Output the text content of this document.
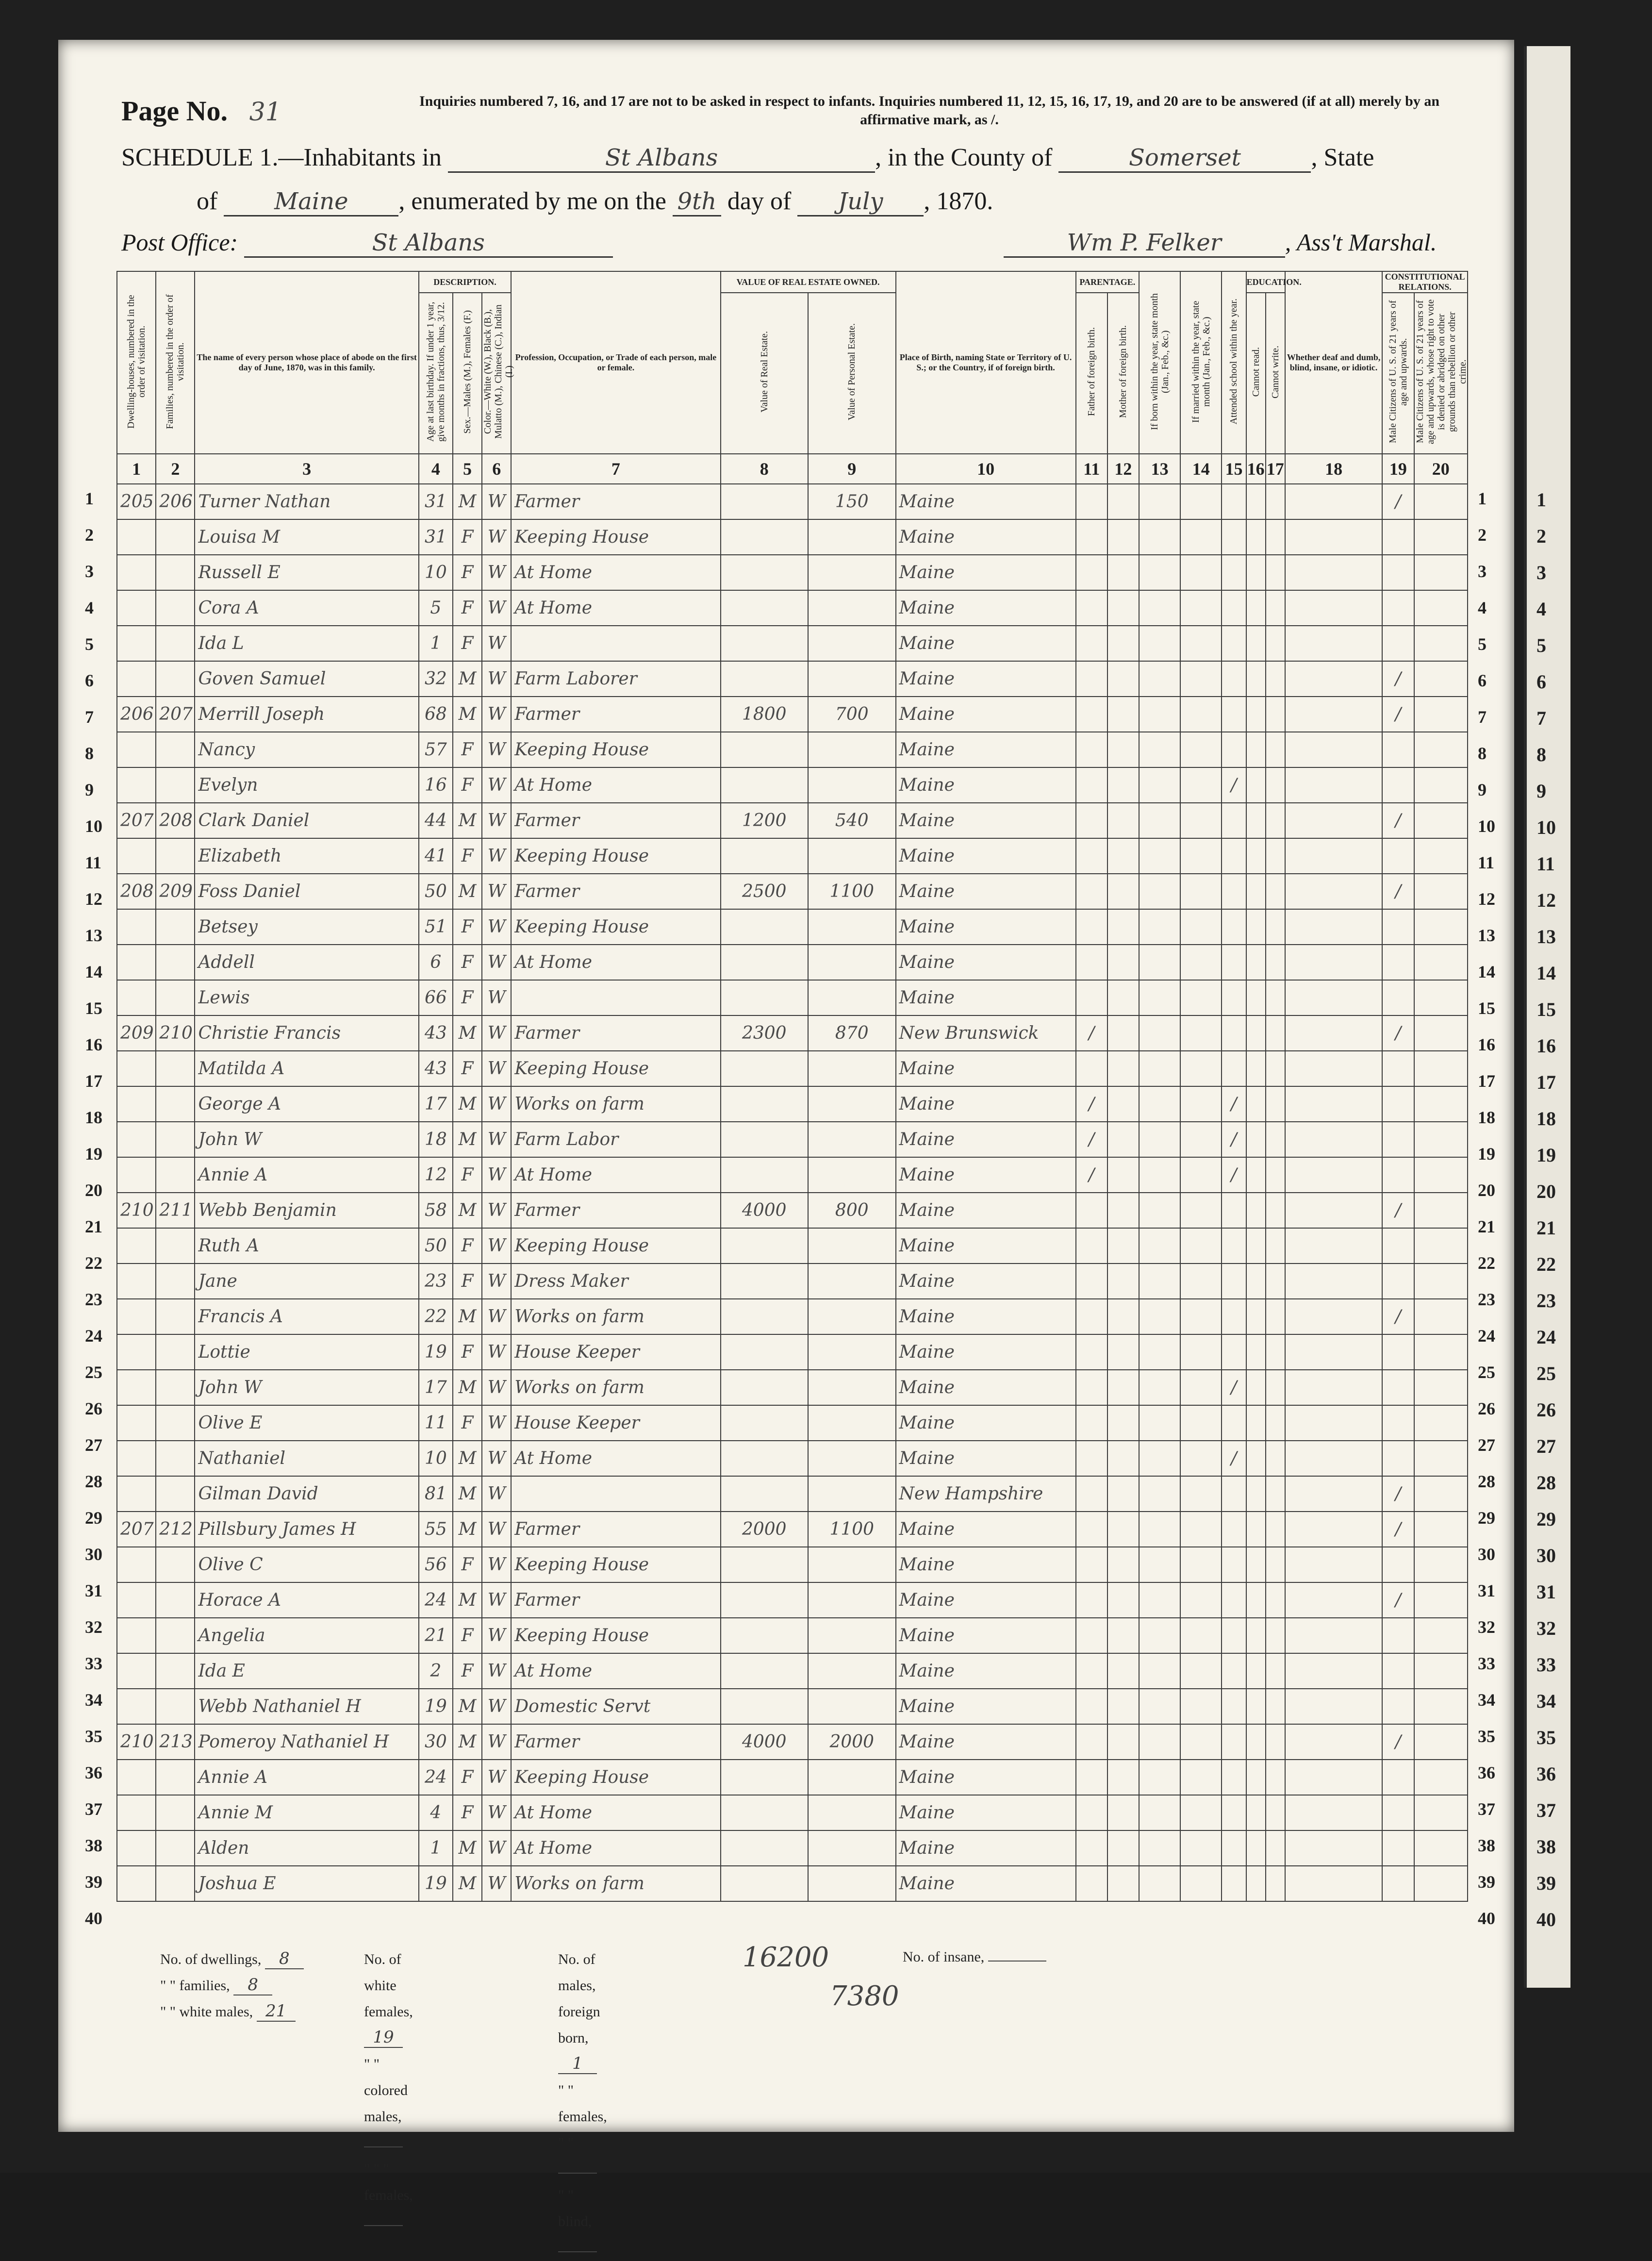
1
2
3
4
5
6
7
8
9
10
11
12
13
14
15
16
17
18
19
20
21
22
23
24
25
26
27
28
29
30
31
32
33
34
35
36
37
38
39
40
Page No. 31	Inquiries numbered 7, 16, and 17 are not to be asked in respect to infants. Inquiries numbered 11, 12, 15, 16, 17, 19, and 20 are to be answered (if at all) merely by an affirmative mark, as /.
SCHEDULE 1.—Inhabitants in	St Albans	, in the County of	Somerset	, State
of Maine , enumerated by me on the 9th day of July , 1870.
Post Office:	St Albans	Wm P. Felker	, Ass't Marshal.
Dwelling-houses, numbered in the order of visitation.	Families, numbered in the order of visitation.	The name of every person whose place of abode on the first day of June, 1870, was in this family.	DESCRIPTION.			Profession, Occupation, or Trade of each person, male or female.	VALUE OF REAL ESTATE OWNED.		Place of Birth, naming State or Territory of U. S.; or the Country, if of foreign birth.	PARENTAGE.		If born within the year, state month (Jan., Feb., &c.)	If married within the year, state month (Jan., Feb., &c.)	Attended school within the year.	EDUCATION.		Whether deaf and dumb, blind, insane, or idiotic.	CONSTITUTIONAL RELATIONS.	
			Age at last birthday. If under 1 year, give months in fractions, thus, 3/12.	Sex.—Males (M.), Females (F.)	Color.—White (W.), Black (B.), Mulatto (M.), Chinese (C.), Indian (I.)		Value of Real Estate.	Value of Personal Estate.		Father of foreign birth.	Mother of foreign birth.				Cannot read.	Cannot write.		Male Citizens of U. S. of 21 years of age and upwards.	Male Citizens of U. S. of 21 years of age and upwards, whose right to vote is denied or abridged on other grounds than rebellion or other crime.
1	2	3	4	5	6	7	8	9	10	11	12	13	14	15	16	17	18	19	20
205	206	Turner Nathan	31	M	W	Farmer		150	Maine									/	
		Louisa M	31	F	W	Keeping House			Maine										
		Russell E	10	F	W	At Home			Maine										
		Cora A	5	F	W	At Home			Maine										
		Ida L	1	F	W				Maine										
		Goven Samuel	32	M	W	Farm Laborer			Maine									/	
206	207	Merrill Joseph	68	M	W	Farmer	1800	700	Maine									/	
		Nancy	57	F	W	Keeping House			Maine										
		Evelyn	16	F	W	At Home			Maine					/					
207	208	Clark Daniel	44	M	W	Farmer	1200	540	Maine									/	
		Elizabeth	41	F	W	Keeping House			Maine										
208	209	Foss Daniel	50	M	W	Farmer	2500	1100	Maine									/	
		Betsey	51	F	W	Keeping House			Maine										
		Addell	6	F	W	At Home			Maine										
		Lewis	66	F	W				Maine										
209	210	Christie Francis	43	M	W	Farmer	2300	870	New Brunswick	/								/	
		Matilda A	43	F	W	Keeping House			Maine										
		George A	17	M	W	Works on farm			Maine	/				/					
		John W	18	M	W	Farm Labor			Maine	/				/					
		Annie A	12	F	W	At Home			Maine	/				/					
210	211	Webb Benjamin	58	M	W	Farmer	4000	800	Maine									/	
		Ruth A	50	F	W	Keeping House			Maine										
		Jane	23	F	W	Dress Maker			Maine										
		Francis A	22	M	W	Works on farm			Maine									/	
		Lottie	19	F	W	House Keeper			Maine										
		John W	17	M	W	Works on farm			Maine					/					
		Olive E	11	F	W	House Keeper			Maine										
		Nathaniel	10	M	W	At Home			Maine					/					
		Gilman David	81	M	W				New Hampshire									/	
207	212	Pillsbury James H	55	M	W	Farmer	2000	1100	Maine									/	
		Olive C	56	F	W	Keeping House			Maine										
		Horace A	24	M	W	Farmer			Maine									/	
		Angelia	21	F	W	Keeping House			Maine										
		Ida E	2	F	W	At Home			Maine										
		Webb Nathaniel H	19	M	W	Domestic Servt			Maine										
210	213	Pomeroy Nathaniel H	30	M	W	Farmer	4000	2000	Maine									/	
		Annie A	24	F	W	Keeping House			Maine										
		Annie M	4	F	W	At Home			Maine										
		Alden	1	M	W	At Home			Maine										
		Joshua E	19	M	W	Works on farm			Maine										
No. of dwellings, 8
" " families, 8
" " white males, 21
No. of white females, 19
" " colored males,
" " " females,
No. of males, foreign born, 1
" " females, " "
" " blind,
16200
7380
No. of insane,
1	1
2	2
3	3
4	4
5	5
6	6
7	7
8	8
9	9
10	10
11	11
12	12
13	13
14	14
15	15
16	16
17	17
18	18
19	19
20	20
21	21
22	22
23	23
24	24
25	25
26	26
27	27
28	28
29	29
30	30
31	31
32	32
33	33
34	34
35	35
36	36
37	37
38	38
39	39
40	40
